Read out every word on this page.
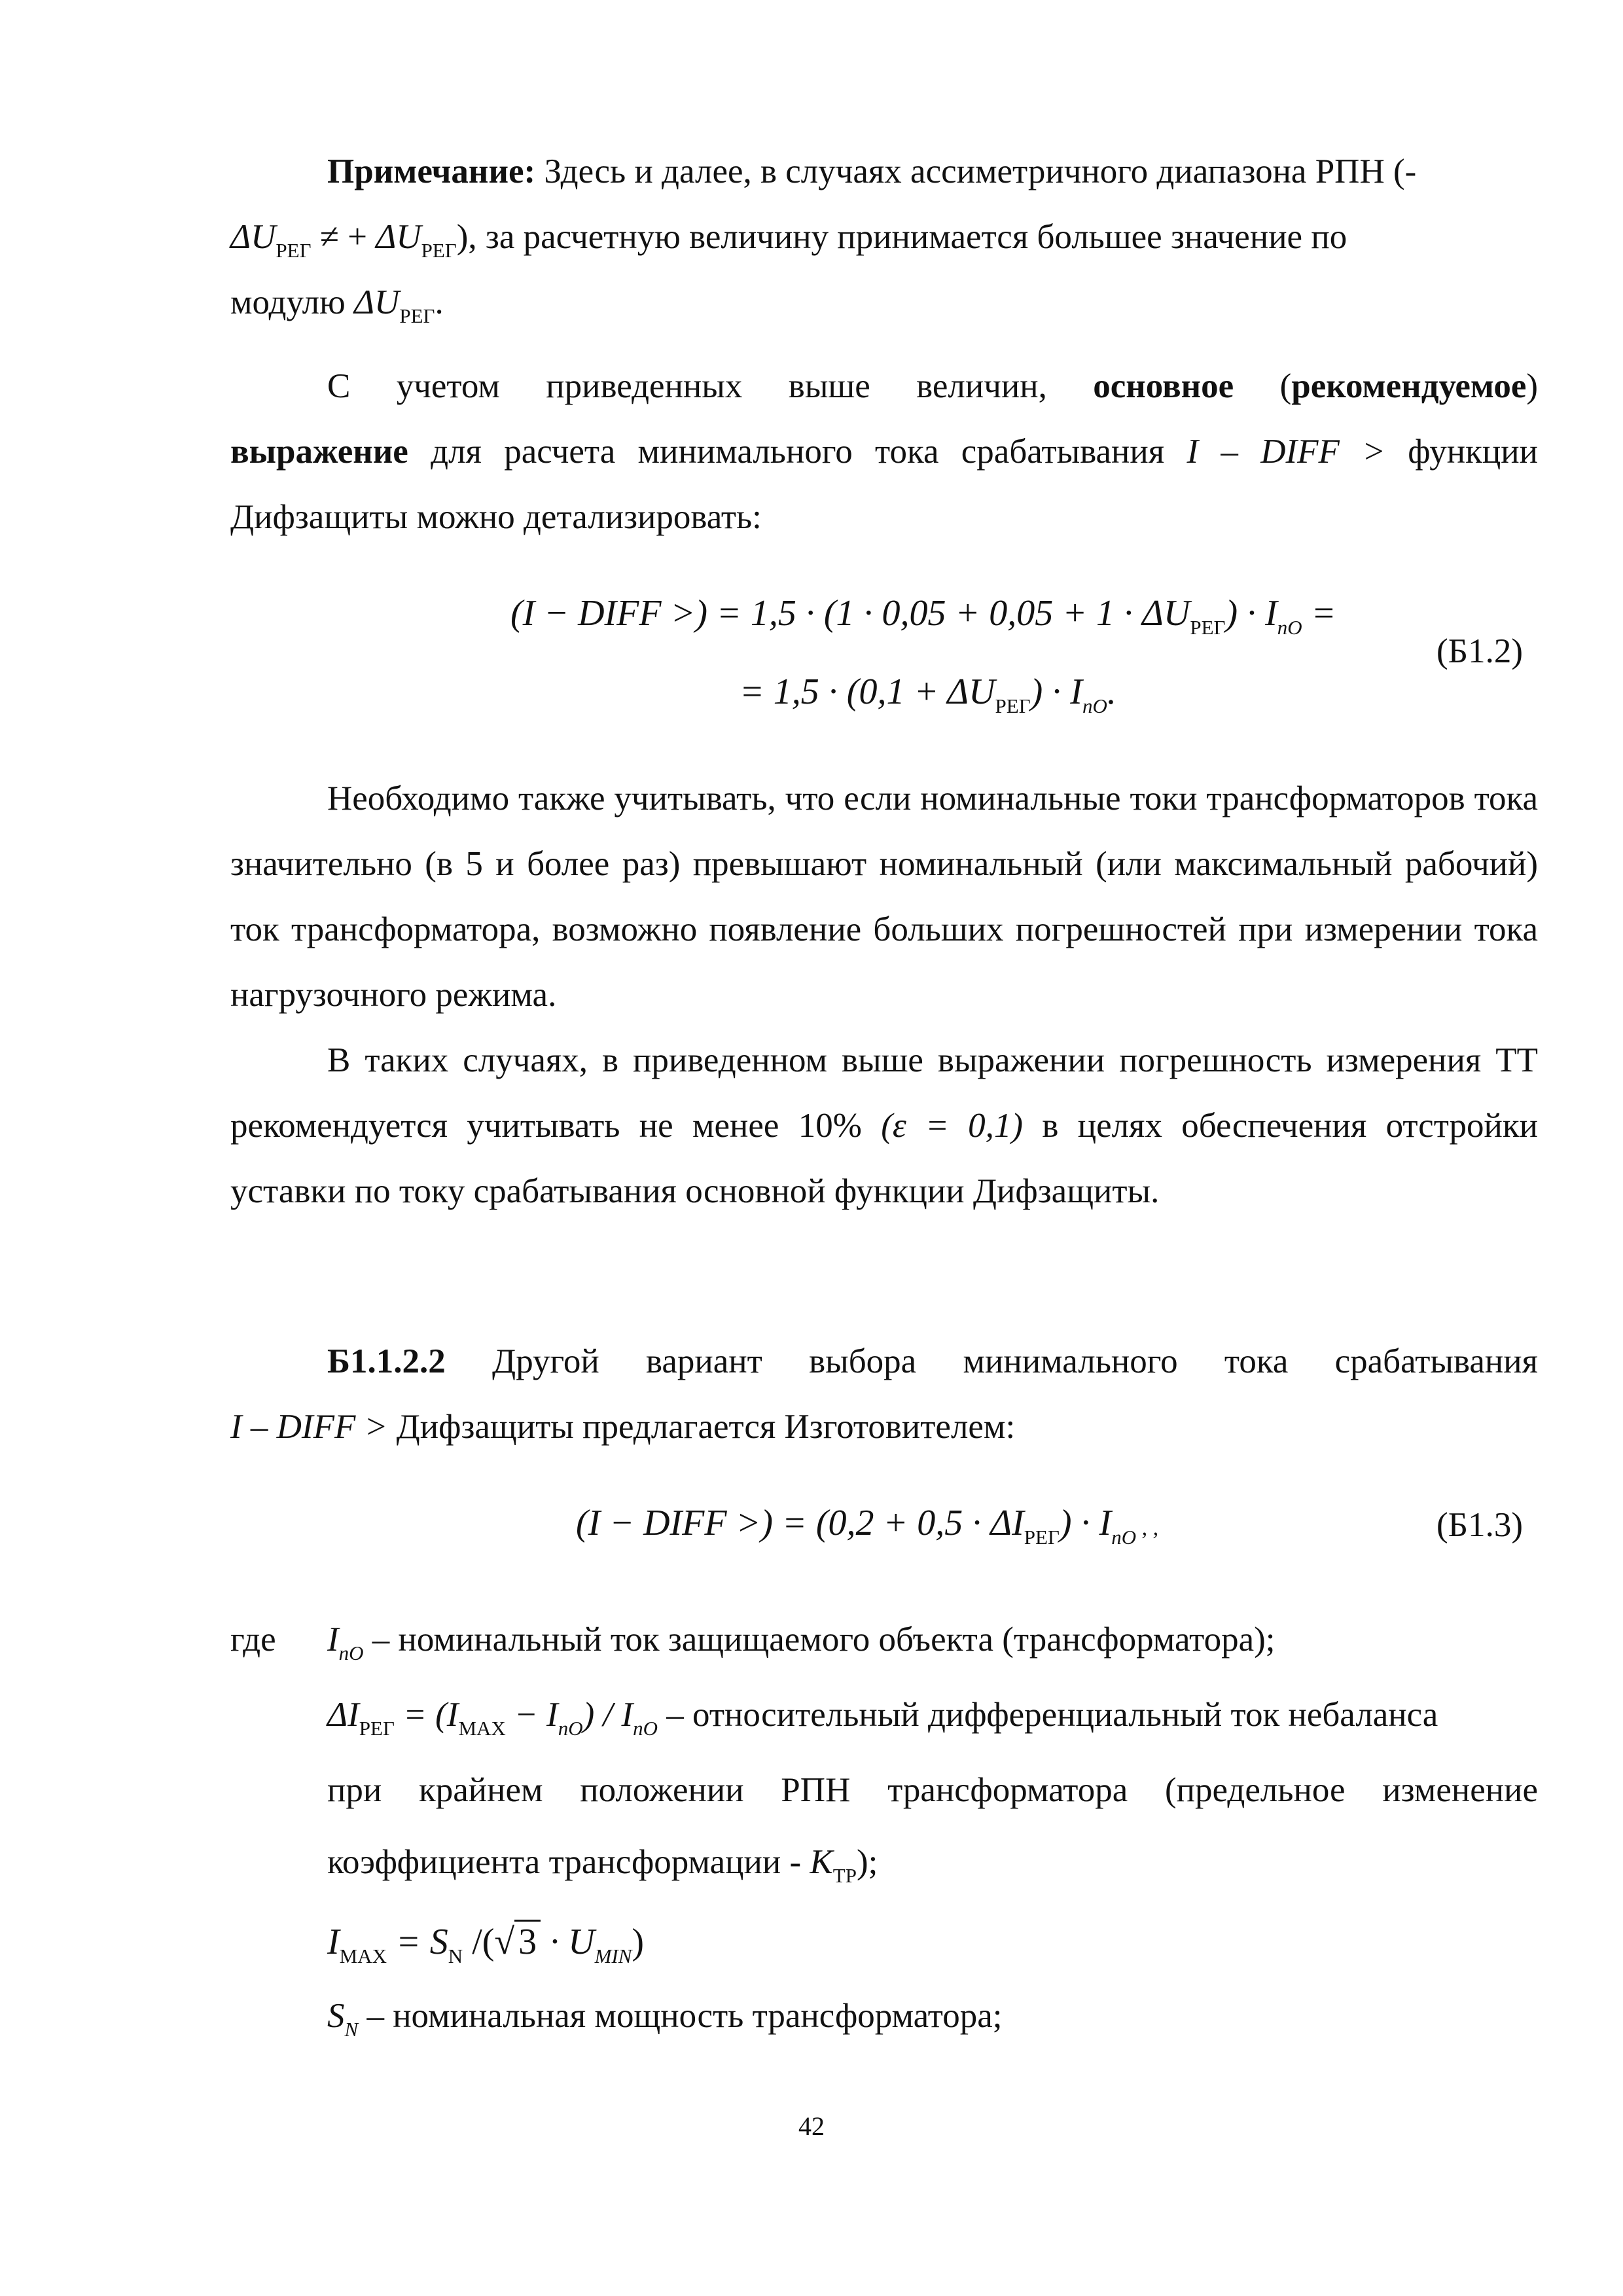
Примечание: Здесь и далее, в случаях ассиметричного диапазона РПН (-
$\Delta U_{РЕГ}$ ≠ + $\Delta U_{РЕГ}$), за расчетную величину принимается большее значение по
модулю $\Delta U_{РЕГ}$.
С учетом приведенных выше величин, основное (рекомендуемое)
выражение для расчета минимального тока срабатывания I – DIFF > функции
Дифзащиты можно детализировать:
(I − DIFF >) = $1,5 \cdot (1 \cdot 0,05 + 0,05 + 1 \cdot \Delta U_{РЕГ}) \cdot I_{nO}$ =
= $1,5 \cdot (0,1 + \Delta U_{РЕГ}) \cdot I_{nO}$.
(Б1.2)

Необходимо также учитывать, что если номинальные токи трансформаторов тока значительно (в 5 и более раз) превышают номинальный (или максимальный рабочий) ток трансформатора, возможно появление больших погрешностей при измерении тока нагрузочного режима.

В таких случаях, в приведенном выше выражении погрешность измерения ТТ рекомендуется учитывать не менее 10% (ε = 0,1) в целях обеспечения отстройки уставки по току срабатывания основной функции Дифзащиты.

Б1.1.2.2 Другой вариант выбора минимального тока срабатывания
I – DIFF > Дифзащиты предлагается Изготовителем:
(I − DIFF >) = $(0,2 + 0,5 \cdot \Delta I_{РЕГ}) \cdot I_{nO}$ , ,	(Б1.3)
где $I_{nO}$ – номинальный ток защищаемого объекта (трансформатора);
$\Delta I_{РЕГ} = (I_{MAX} - I_{nO}) / I_{nO}$ – относительный дифференциальный ток небаланса
при крайнем положении РПН трансформатора (предельное изменение
коэффициента трансформации - $K_{ТР}$);
$I_{MAX} = S_N$ /(√ $3 \cdot U_{MIN}$)
$S_N$ – номинальная мощность трансформатора;
42
